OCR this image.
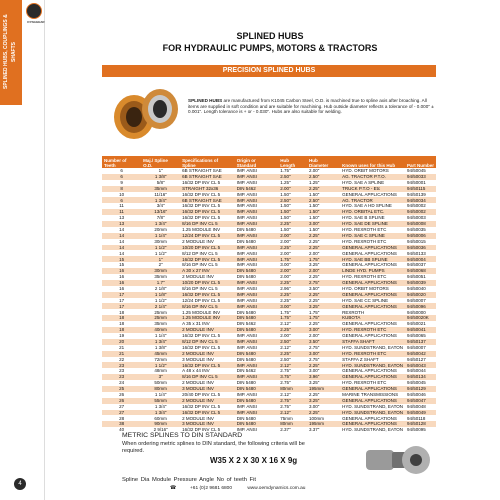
SPLINED HUBS, COUPLINGS & SHAFTS
DYNAGEAR
4
SPLINED HUBS
FOR HYDRAULIC PUMPS, MOTORS & TRACTORS
PRECISION SPLINED HUBS
SPLINED HUBS are manufactured from K1045 Carbon Steel, O.D. is machined true to spline axis after broaching. All items are supplied in soft condition and are suitable for machining. Hub outside diameter reflects a tolerance of - 0.000" ± 0.001". Length tolerance is + or - 0.030". Hubs are also suitable for welding.
Number of Teeth	Maj./ Spline O.D.	Specifications of Spline	Origin or Standard	Hub Length	Hub Diameter	Known uses for this Hub	Part Number
6	1"	6B STRAIGHT SAE	IMP. ANSI	1.75"	2.00"	HYD. ORBIT MOTORS	94/50045
6	1 3/8"	6B STRAIGHT SAE	IMP. ANSI	2.50"	2.50"	AG. TRACTOR P.T.O.	94/50033
9	5/8"	16/32 DP INV CL 5	IMP. ANSI	1.25"	1.25"	HYD. SAE A SPLINE	94/50001
8	35mm	STRAIGHT 32x36	DIN 5462	2.00"	2.25"	TRUCK P.T.O - Etc	94/50115
10	11/16"	16/32 DP INV CL 5	IMP. ANSI	1.50"	1.50"	GENERAL APPLICATIONS	94/50139
6	1 3/4"	6B STRAIGHT SAE	IMP. ANSI	2.50"	2.50"	AG. TRACTOR	94/50034
11	3/4"	16/32 DP INV CL 5	IMP. ANSI	1.50"	1.50"	HYD. SAE A HD SPLINE	94/50002
11	13/16"	16/32 DP INV CL 5	IMP. ANSI	1.50"	1.50"	HYD. ORBITAL ETC.	94/50002
13	7/8"	16/32 DP INV CL 5	IMP. ANSI	1.50"	1.50"	HYD. SAE B SPLINE	94/50003
13	1 3/4"	8/16 DP INV CL 5	IMP. ANSI	2.25"	3.00"	HYD. SAE DE SPLINE	94/50008
14	20mm	1.25 MODULE INV	DIN 5480	1.50"	1.50"	HYD. REXROTH ETC	94/50035
14	1 1/4"	12/24 DP INV CL 5	IMP. ANSI	2.00"	2.25"	HYD. SAE C SPLINE	94/50006
14	30mm	2 MODULE INV	DIN 5480	2.00"	2.25"	HYD. REXROTH ETC	94/50015
14	1 1/2"	10/20 DP INV CL 5	IMP. ANSI	2.25"	2.25"	GENERAL APPLICATIONS	94/50036
14	1 1/2"	8/12 DP INV CL 5	IMP. ANSI	2.00"	2.00"	GENERAL APPLICATIONS	94/50133
15	1"	16/32 DP INV CL 5	IMP. ANSI	1.75"	1.75"	HYD. SAE BB SPLINE	94/50004
15	2"	8/16 DP INV CL 5	IMP. ANSI	3.00"	3.25"	GENERAL APPLICATIONS	94/50037
16	30mm	A 30 x 27 INV	DIN 5480	2.00"	2.00"	LINDE HYD. PUMPS	94/50068
16	35mm	2 MODULE INV	DIN 5480	2.00"	2.25"	HYD. REXROTH ETC	94/50051
16	1.7"	10/20 DP INV CL 5	IMP. ANSI	2.25"	2.75"	GENERAL APPLICATIONS	94/50039
16	2 1/8"	8/16 DP INV CL 5	IMP. ANSI	2.96"	3.50"	HYD. ORBIT MOTORS	94/50040
17	1 1/8"	16/32 DP INV CL 5	IMP. ANSI	2.25"	2.25"	GENERAL APPLICATIONS	94/50020
17	1 1/2"	12/24 DP INV CL 5	IMP. ANSI	2.25"	2.25"	HYD. SAE CC SPLINE	94/50007
17	2 1/4"	8/16 DP INV CL 5	IMP. ANSI	3.00"	3.25"	GENERAL APPLICATIONS	94/50096
18	25mm	1.25 MODULE INV	DIN 5480	1.75"	1.75"	REXROTH	94/50000
18	25mm	1.25 MODULE INV	DIN 5480	1.75"	1.75"	KUBOTA	94/50020K
18	35mm	A 35 x 31 INV	DIN 5462	2.12"	2.25"	GENERAL APPLICATIONS	94/50021
18	40mm	2 MODULE INV	DIN 5480	2.25"	3.00"	HYD. REXROTH ETC	94/50041
19	1 1/4"	16/32 DP INV CL 5	IMP. ANSI	2.00"	2.00"	GENERAL APPLICATIONS	94/50065
20	1 3/4"	8/12 DP INV CL 5	IMP. ANSI	2.50"	3.50"	STAFFA SHAFT	94/50137
21	1 3/8"	16/32 DP INV CL 5	IMP. ANSI	2.12"	2.75"	HYD. SUNDSTRAND, EATON	94/50007
21	45mm	2 MODULE INV	DIN 5480	2.25"	3.00"	HYD. REXROTH ETC	94/50042
22	72mm	3 MODULE INV	DIN 5480	2.50"	2.75"	STAFFA Z SHAFT	94/50127
23	1 1/2"	16/32 DP INV CL 5	IMP. ANSI	2.12"	2.25"	HYD. SUNDSTRAND, EATON	94/50043
23	48mm	A 48 x 44 INV	DIN 5462	2.75"	3.00"	GENERAL APPLICATIONS	94/50044
23	3"	8/16 DP INV CL 5	IMP. ANSI	3.75"	3.96"	GENERAL APPLICATIONS	94/50134
24	50mm	2 MODULE INV	DIN 5480	2.75"	3.25"	HYD. REXROTH ETC	94/50045
25	80mm	3 MODULE INV	DIN 5480	80mm	195mm	GENERAL APPLICATIONS	94/50129
26	1 1/4"	20/40 DP INV CL 5	IMP. ANSI	2.12"	2.25"	MARINE TRANSMISSIONS	94/50046
26	55mm	2 MODULE INV	DIN 5480	2.75"	3.25"	GENERAL APPLICATIONS	94/50047
27	1 3/4"	16/32 DP INV CL 5	IMP. ANSI	2.75"	3.00"	HYD. SUNDSTRAND, EATON	94/50048
27	1 3/4"	16/32 DP INV CL 5	IMP. ANSI	2.12"	2.25"	HYD. SUNDSTRAND, EATON	94/50049
28	60mm	2 MODULE INV	DIN 5480	75mm	100mm	GENERAL APPLICATIONS	94/50118
38	90mm	3 MODULE INV	DIN 5480	80mm	195mm	GENERAL APPLICATIONS	94/50128
40	2 9/16"	16/32 DP INV CL 5	IMP. ANSI	2.37"	3.37"	HYD. SUNDSTRAND, EATON	94/50095
METRIC SPLINES TO DIN STANDARD
When ordering metric splines to DIN standard, the following criteria will be required.
W35 X 2 X 30 X 16 X 9g
Spline Dia Module Pressure Angle No of teeth Fit
☎	+61 (0)2 9681 6800	www.oemdynamics.com.au
